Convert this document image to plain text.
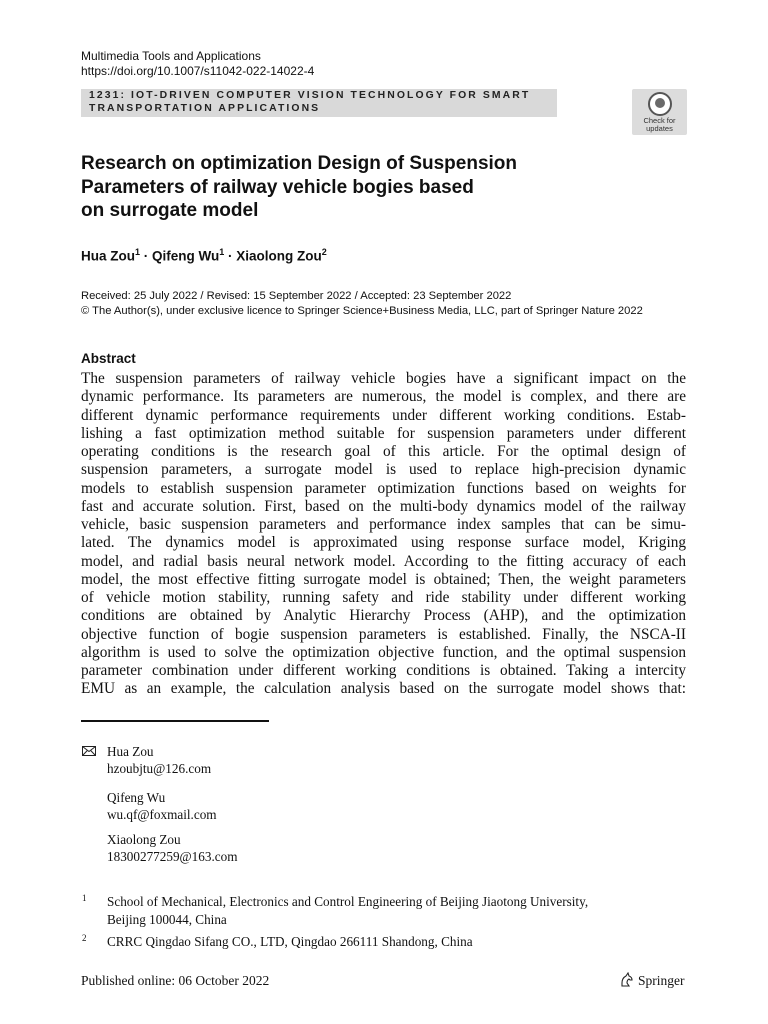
Multimedia Tools and Applications
https://doi.org/10.1007/s11042-022-14022-4
1231: IOT-DRIVEN COMPUTER VISION TECHNOLOGY FOR SMART
TRANSPORTATION APPLICATIONS
Check for
updates
Research on optimization Design of Suspension
Parameters of railway vehicle bogies based
on surrogate model
Hua Zou$^1$ · Qifeng $Wu^1$ · Xiaolong Zou$^2$
Received: 25 July 2022 / Revised: 15 September 2022 / Accepted: 23 September 2022
© The Author(s), under exclusive licence to Springer Science+Business Media, LLC, part of Springer Nature 2022
Abstract
The suspension parameters of railway vehicle bogies have a significant impact on the
dynamic performance. Its parameters are numerous, the model is complex, and there are
different dynamic performance requirements under different working conditions. Estab-
lishing a fast optimization method suitable for suspension parameters under different
operating conditions is the research goal of this article. For the optimal design of
suspension parameters, a surrogate model is used to replace high-precision dynamic
models to establish suspension parameter optimization functions based on weights for
fast and accurate solution. First, based on the multi-body dynamics model of the railway
vehicle, basic suspension parameters and performance index samples that can be simu-
lated. The dynamics model is approximated using response surface model, Kriging
model, and radial basis neural network model. According to the fitting accuracy of each
model, the most effective fitting surrogate model is obtained; Then, the weight parameters
of vehicle motion stability, running safety and ride stability under different working
conditions are obtained by Analytic Hierarchy Process (AHP), and the optimization
objective function of bogie suspension parameters is established. Finally, the NSCA-II
algorithm is used to solve the optimization objective function, and the optimal suspension
parameter combination under different working conditions is obtained. Taking a intercity
EMU as an example, the calculation analysis based on the surrogate model shows that:
Hua Zou
hzoubjtu@126.com
Qifeng Wu
wu.qf@foxmail.com
Xiaolong Zou
18300277259@163.com
1 School of Mechanical, Electronics and Control Engineering of Beijing Jiaotong University,
Beijing 100044, China
2 CRRC Qingdao Sifang CO., LTD, Qingdao 266111 Shandong, China
Published online: 06 October 2022	Springer
